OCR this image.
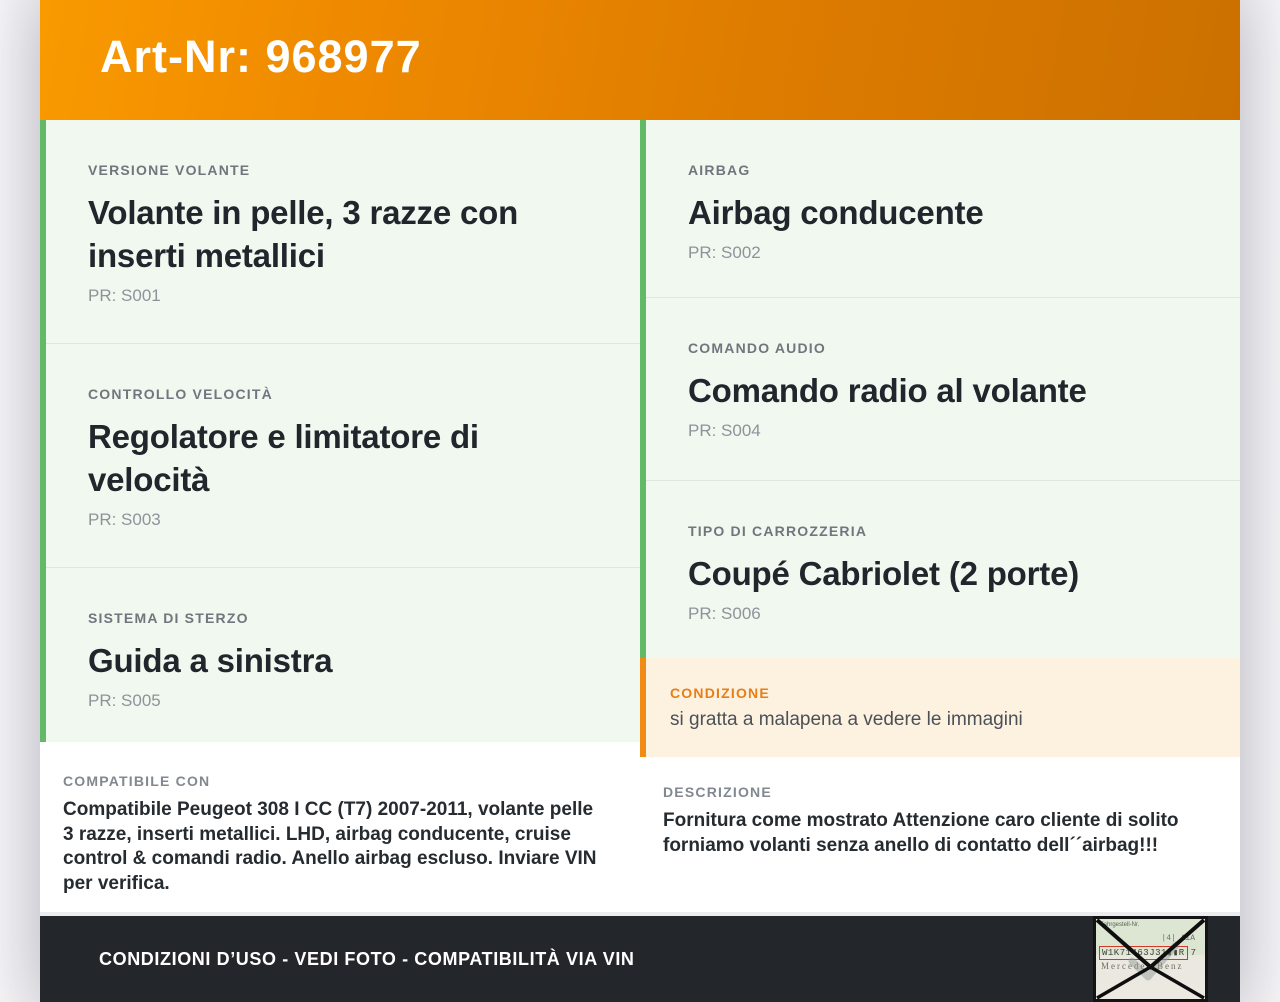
Art-Nr: 968977
VERSIONE VOLANTE
Volante in pelle, 3 razze con inserti metallici
PR: S001
CONTROLLO VELOCITÀ
Regolatore e limitatore di velocità
PR: S003
SISTEMA DI STERZO
Guida a sinistra
PR: S005
COMPATIBILE CON
Compatibile Peugeot 308 I CC (T7) 2007-2011, volante pelle 3 razze, inserti metallici. LHD, airbag conducente, cruise control & comandi radio. Anello airbag escluso. Inviare VIN per verifica.
AIRBAG
Airbag conducente
PR: S002
COMANDO AUDIO
Comando radio al volante
PR: S004
TIPO DI CARROZZERIA
Coupé Cabriolet (2 porte)
PR: S006
CONDIZIONE
si gratta a malapena a vedere le immagini
DESCRIZIONE
Fornitura come mostrato Attenzione caro cliente di solito forniamo volanti senza anello di contatto dell´´airbag!!!
CONDIZIONI D’USO - VEDI FOTO - COMPATIBILITÀ VIA VIN
Fahrgestell-Nr.
|4| AiA
W1K71463J31▮▮R 7
Mercedes-Benz
